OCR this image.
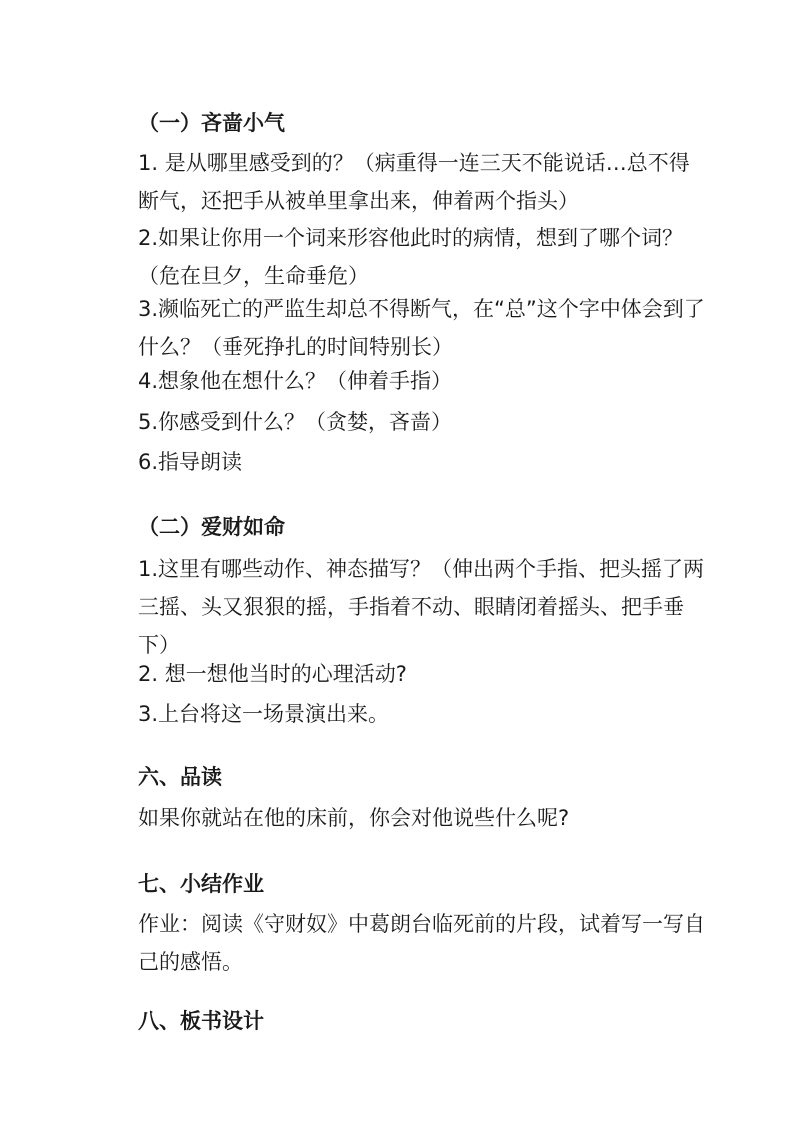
（一）吝啬小气
1. 是从哪里感受到的？（病重得一连三天不能说话…总不得断气，还把手从被单里拿出来，伸着两个指头）
2.如果让你用一个词来形容他此时的病情，想到了哪个词？（危在旦夕，生命垂危）
3.濒临死亡的严监生却总不得断气，在“总”这个字中体会到了什么？（垂死挣扎的时间特别长）
4.想象他在想什么？（伸着手指）
5.你感受到什么？（贪婪，吝啬）
6.指导朗读
（二）爱财如命
1.这里有哪些动作、神态描写？（伸出两个手指、把头摇了两三摇、头又狠狠的摇，手指着不动、眼睛闭着摇头、把手垂下）
2. 想一想他当时的心理活动?
3.上台将这一场景演出来。
六、品读
如果你就站在他的床前，你会对他说些什么呢?
七、小结作业
作业：阅读《守财奴》中葛朗台临死前的片段，试着写一写自己的感悟。
八、板书设计
